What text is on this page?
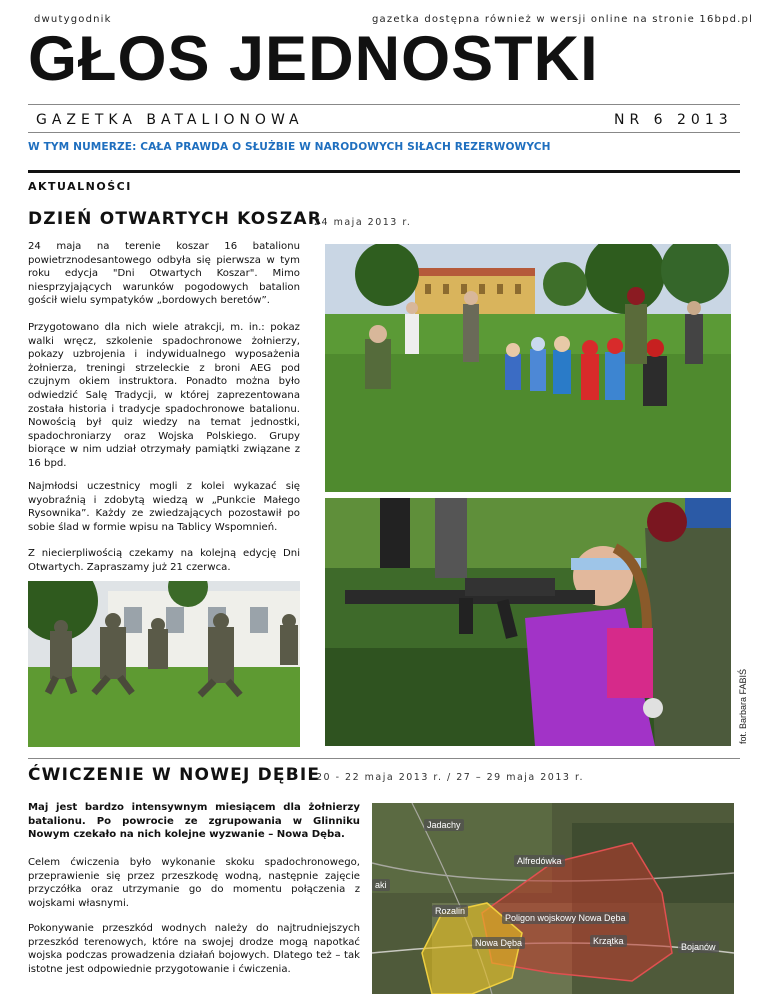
dwutygodnik	gazetka dostępna również w wersji online na stronie 16bpd.pl
GŁOS JEDNOSTKI
GAZETKA BATALIONOWA	NR 6 2013
W TYM NUMERZE: CAŁA PRAWDA O SŁUŻBIE W NARODOWYCH SIŁACH REZERWOWYCH
AKTUALNOŚCI
DZIEŃ OTWARTYCH KOSZAR
24 maja 2013 r.
24 maja na terenie koszar 16 batalionu powietrznodesantowego odbyła się pierwsza w tym roku edycja "Dni Otwartych Koszar". Mimo niesprzyjających warunków pogodowych batalion gościł wielu sympatyków „bordowych beretów”.
Przygotowano dla nich wiele atrakcji, m. in.: pokaz walki wręcz, szkolenie spadochronowe żołnierzy, pokazy uzbrojenia i indywidualnego wyposażenia żołnierza, treningi strzeleckie z broni AEG pod czujnym okiem instruktora. Ponadto można było odwiedzić Salę Tradycji, w której zaprezentowana została historia i tradycje spadochronowe batalionu. Nowością był quiz wiedzy na temat jednostki, spadochroniarzy oraz Wojska Polskiego. Grupy biorące w nim udział otrzymały pamiątki związane z 16 bpd.
Najmłodsi uczestnicy mogli z kolei wykazać się wyobraźnią i zdobytą wiedzą w „Punkcie Małego Rysownika”. Każdy ze zwiedzających pozostawił po sobie ślad w formie wpisu na Tablicy Wspomnień.
Z niecierpliwością czekamy na kolejną edycję Dni Otwartych. Zapraszamy już 21 czerwca.
fot. Barbara FABIŚ
ĆWICZENIE W NOWEJ DĘBIE
20 - 22 maja 2013 r. / 27 – 29 maja 2013 r.
Maj jest bardzo intensywnym miesiącem dla żołnierzy batalionu. Po powrocie ze zgrupowania w Glinniku Nowym czekało na nich kolejne wyzwanie – Nowa Dęba.
Celem ćwiczenia było wykonanie skoku spadochronowego, przeprawienie się przez przeszkodę wodną, następnie zajęcie przyczółka oraz utrzymanie go do momentu połączenia z wojskami własnymi.
Pokonywanie przeszkód wodnych należy do najtrudniejszych przeszkód terenowych, które na swojej drodze mogą napotkać wojska podczas prowadzenia działań bojowych. Dlatego też – tak istotne jest odpowiednie przygotowanie i ćwiczenia.
Jadachy
Alfredówka
aki
Rozalin
Poligon wojskowy Nowa Dęba
Nowa Dęba	Krzątka
Bojanów
